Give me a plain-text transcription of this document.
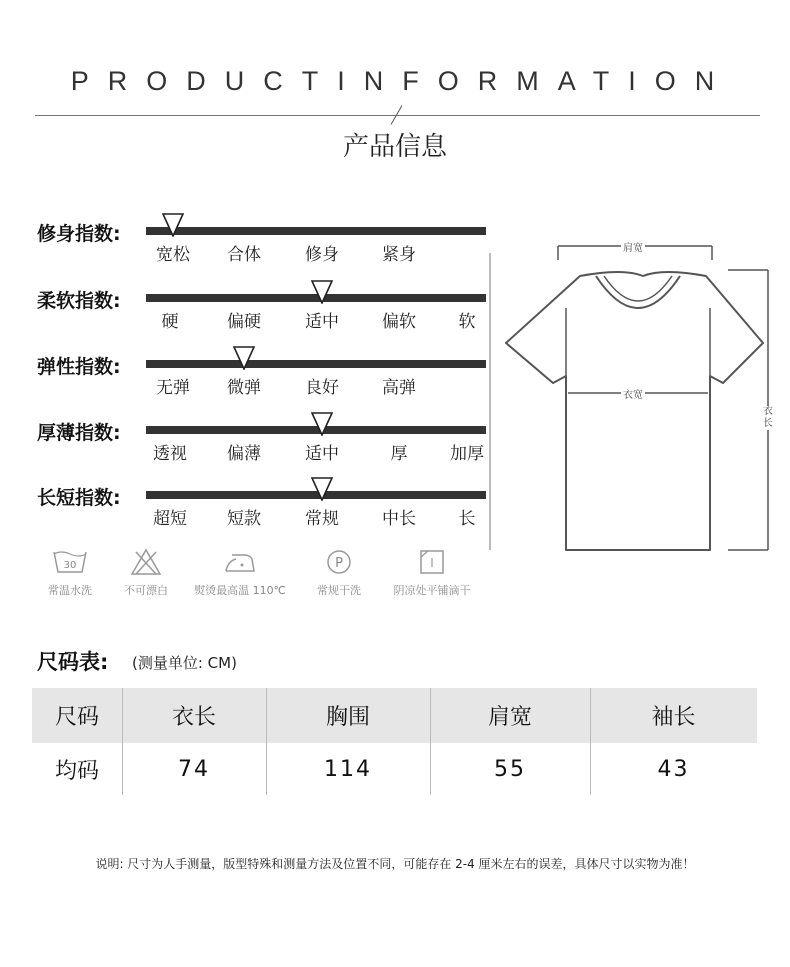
PRODUCTINFORMATION
产品信息
修身指数:
宽松 合体	修身	紧身
柔软指数:
硬	偏硬	适中	偏软	软
弹性指数:
无弹 微弹	良好	高弹
厚薄指数:
透视 偏薄	适中	厚	加厚
长短指数:
超短 短款	常规	中长	长
30
常温水洗	不可漂白 熨烫最高温 110℃
P
常规干洗	阴凉处平铺滴干
肩宽
衣宽
衣长
尺码表: (测量单位: CM)
尺码	衣长	胸围	肩宽	袖长
均码	74	114	55	43
说明: 尺寸为人手测量，版型特殊和测量方法及位置不同，可能存在 2-4 厘米左右的误差，具体尺寸以实物为准！
